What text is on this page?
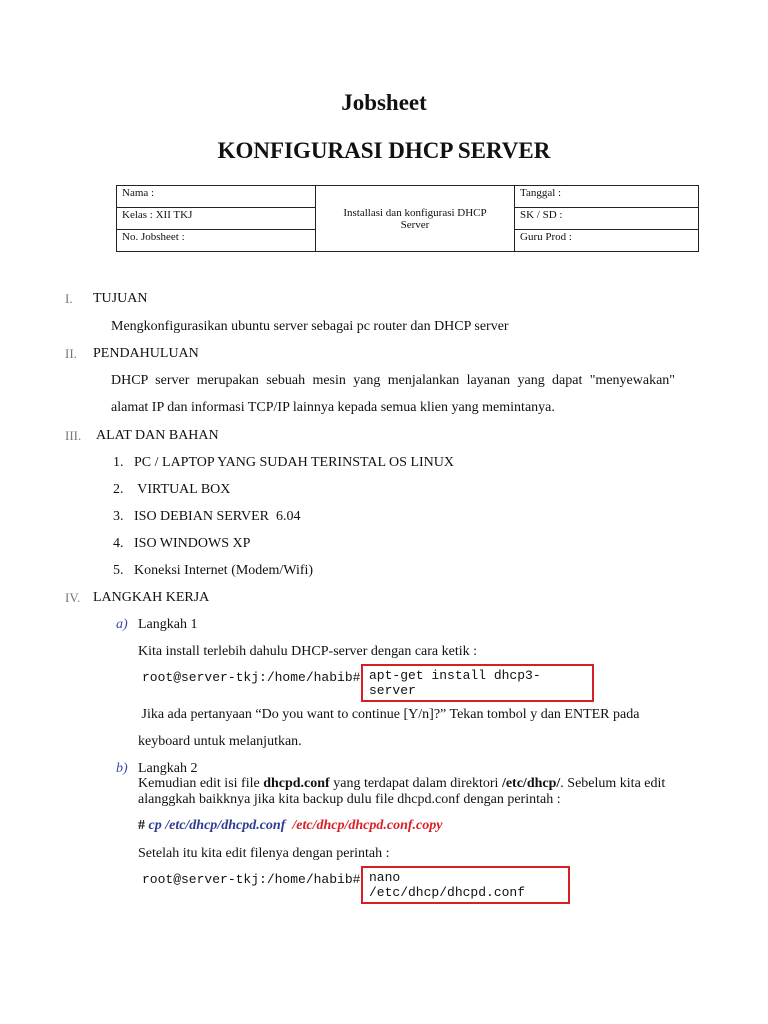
Jobsheet
KONFIGURASI DHCP SERVER
Nama :	Installasi dan konfigurasi DHCP Server	Tanggal :
Kelas : XII TKJ		SK / SD :
No. Jobsheet :		Guru Prod :
I. TUJUAN
Mengkonfigurasikan ubuntu server sebagai pc router dan DHCP server
II. PENDAHULUAN
DHCP server merupakan sebuah mesin yang menjalankan layanan yang dapat "menyewakan"
alamat IP dan informasi TCP/IP lainnya kepada semua klien yang memintanya.
III. ALAT DAN BAHAN
1. PC / LAPTOP YANG SUDAH TERINSTAL OS LINUX
2. VIRTUAL BOX
3. ISO DEBIAN SERVER  6.04
4. ISO WINDOWS XP
5. Koneksi Internet (Modem/Wifi)
IV. LANGKAH KERJA
a) Langkah 1
Kita install terlebih dahulu DHCP-server dengan cara ketik :
root@server-tkj:/home/habib# apt-get install dhcp3-server
Jika ada pertanyaan “Do you want to continue [Y/n]?” Tekan tombol y dan ENTER pada
keyboard untuk melanjutkan.
b) Langkah 2
Kemudian edit isi file dhcpd.conf yang terdapat dalam direktori /etc/dhcp/. Sebelum kita edit
alanggkah baikknya jika kita backup dulu file dhcpd.conf dengan perintah :
# cp /etc/dhcp/dhcpd.conf  /etc/dhcp/dhcpd.conf.copy
Setelah itu kita edit filenya dengan perintah :
root@server-tkj:/home/habib# nano /etc/dhcp/dhcpd.conf
